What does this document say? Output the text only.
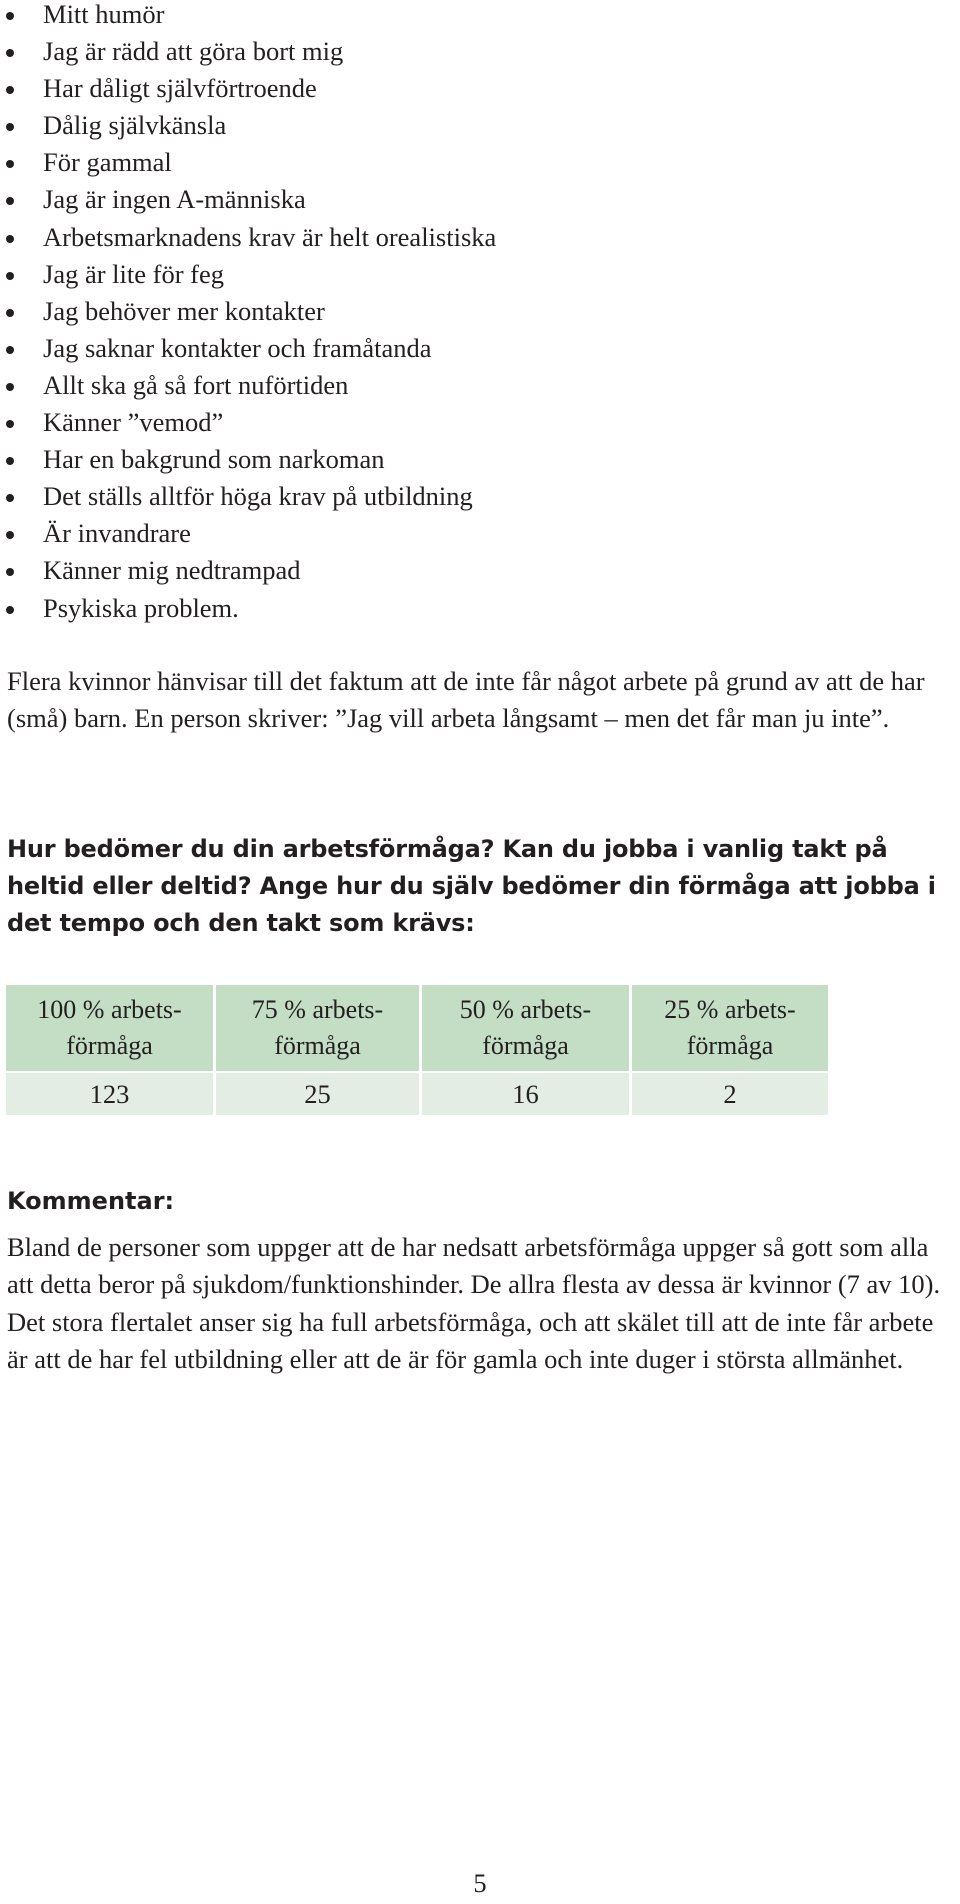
Mitt humör
Jag är rädd att göra bort mig
Har dåligt självförtroende
Dålig självkänsla
För gammal
Jag är ingen A-människa
Arbetsmarknadens krav är helt orealistiska
Jag är lite för feg
Jag behöver mer kontakter
Jag saknar kontakter och framåtanda
Allt ska gå så fort nuförtiden
Känner ”vemod”
Har en bakgrund som narkoman
Det ställs alltför höga krav på utbildning
Är invandrare
Känner mig nedtrampad
Psykiska problem.

Flera kvinnor hänvisar till det faktum att de inte får något arbete på grund av att de har (små) barn. En person skriver: ”Jag vill arbeta långsamt – men det får man ju inte”.

Hur bedömer du din arbetsförmåga? Kan du jobba i vanlig takt på heltid eller deltid? Ange hur du själv bedömer din förmåga att jobba i det tempo och den takt som krävs:
100 % arbets-
förmåga	75 % arbets-
förmåga	50 % arbets-
förmåga	25 % arbets-
förmåga
123	25	16	2
Kommentar:

Bland de personer som uppger att de har nedsatt arbetsförmåga uppger så gott som alla att detta beror på sjukdom/funktionshinder. De allra flesta av dessa är kvinnor (7 av 10). Det stora flertalet anser sig ha full arbetsförmåga, och att skälet till att de inte får arbete är att de har fel utbildning eller att de är för gamla och inte duger i största allmänhet.

5
